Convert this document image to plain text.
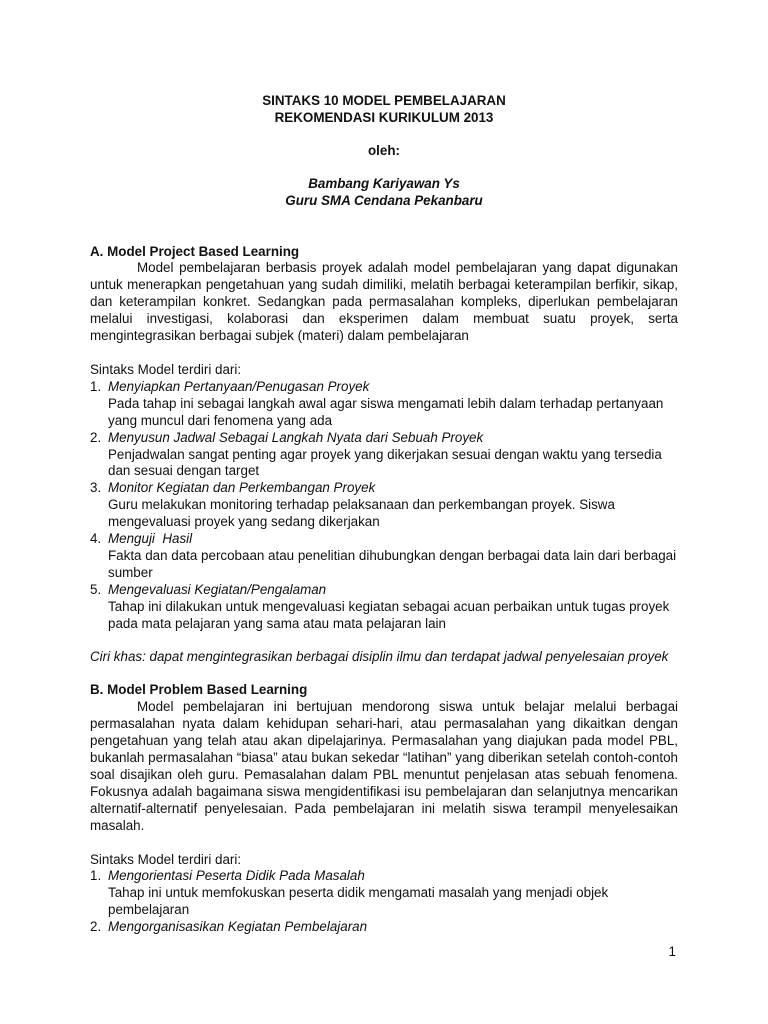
SINTAKS 10 MODEL PEMBELAJARAN

REKOMENDASI KURIKULUM 2013

oleh:

Bambang Kariyawan Ys

Guru SMA Cendana Pekanbaru

A. Model Project Based Learning

Model pembelajaran berbasis proyek adalah model pembelajaran yang dapat digunakan untuk menerapkan pengetahuan yang sudah dimiliki, melatih berbagai keterampilan berfikir, sikap, dan keterampilan konkret. Sedangkan pada permasalahan kompleks, diperlukan pembelajaran melalui investigasi, kolaborasi dan eksperimen dalam membuat suatu proyek, serta mengintegrasikan berbagai subjek (materi) dalam pembelajaran

Sintaks Model terdiri dari:

1. Menyiapkan Pertanyaan/Penugasan Proyek
Pada tahap ini sebagai langkah awal agar siswa mengamati lebih dalam terhadap pertanyaan yang muncul dari fenomena yang ada
2. Menyusun Jadwal Sebagai Langkah Nyata dari Sebuah Proyek
Penjadwalan sangat penting agar proyek yang dikerjakan sesuai dengan waktu yang tersedia dan sesuai dengan target
3. Monitor Kegiatan dan Perkembangan Proyek
Guru melakukan monitoring terhadap pelaksanaan dan perkembangan proyek. Siswa mengevaluasi proyek yang sedang dikerjakan
4. Menguji  Hasil
Fakta dan data percobaan atau penelitian dihubungkan dengan berbagai data lain dari berbagai sumber
5. Mengevaluasi Kegiatan/Pengalaman
Tahap ini dilakukan untuk mengevaluasi kegiatan sebagai acuan perbaikan untuk tugas proyek pada mata pelajaran yang sama atau mata pelajaran lain

Ciri khas: dapat mengintegrasikan berbagai disiplin ilmu dan terdapat jadwal penyelesaian proyek

B. Model Problem Based Learning

Model pembelajaran ini bertujuan mendorong siswa untuk belajar melalui berbagai permasalahan nyata dalam kehidupan sehari-hari, atau permasalahan yang dikaitkan dengan pengetahuan yang telah atau akan dipelajarinya. Permasalahan yang diajukan pada model PBL, bukanlah permasalahan “biasa” atau bukan sekedar “latihan” yang diberikan setelah contoh-contoh soal disajikan oleh guru. Pemasalahan dalam PBL menuntut penjelasan atas sebuah fenomena. Fokusnya adalah bagaimana siswa mengidentifikasi isu pembelajaran dan selanjutnya mencarikan alternatif-alternatif penyelesaian. Pada pembelajaran ini melatih siswa terampil menyelesaikan masalah.

Sintaks Model terdiri dari:

1. Mengorientasi Peserta Didik Pada Masalah
Tahap ini untuk memfokuskan peserta didik mengamati masalah yang menjadi objek pembelajaran
2. Mengorganisasikan Kegiatan Pembelajaran
1
